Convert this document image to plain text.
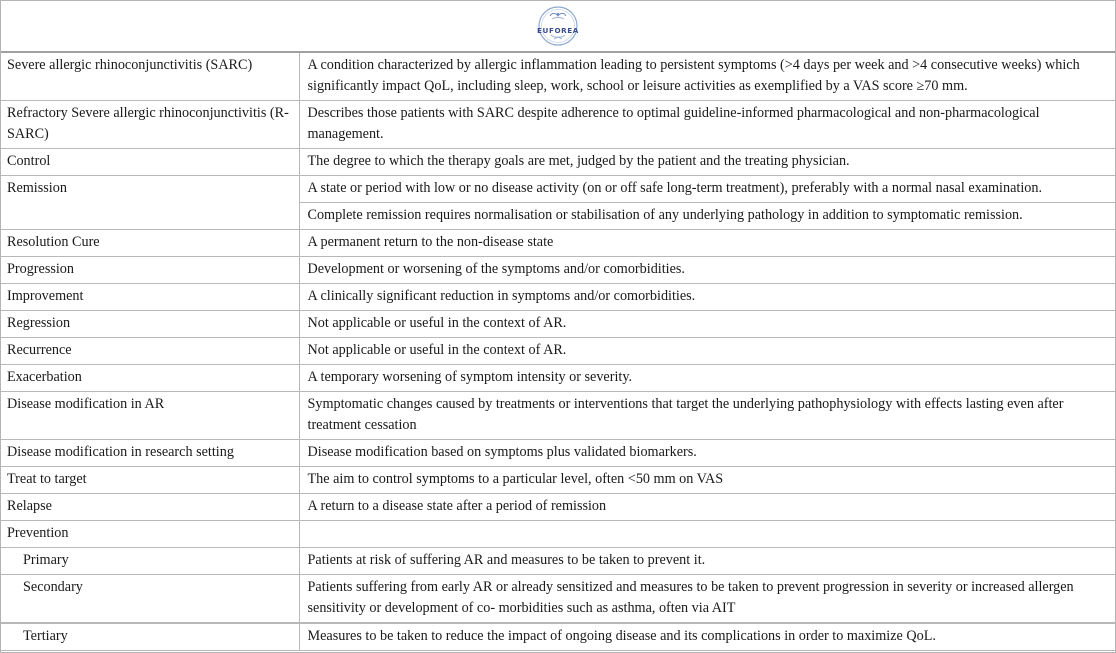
EUFOREA
Severe allergic rhinoconjunctivitis (SARC)	A condition characterized by allergic inflammation leading to persistent symptoms (>4 days per week and >4 consecutive weeks) which significantly impact QoL, including sleep, work, school or leisure activities as exemplified by a VAS score ≥70 mm.
Refractory Severe allergic rhinoconjunctivitis (R-SARC)	Describes those patients with SARC despite adherence to optimal guideline-informed pharmacological and non-pharmacological management.
Control	The degree to which the therapy goals are met, judged by the patient and the treating physician.
Remission	A state or period with low or no disease activity (on or off safe long-term treatment), preferably with a normal nasal examination.
	Complete remission requires normalisation or stabilisation of any underlying pathology in addition to symptomatic remission.
Resolution Cure	A permanent return to the non-disease state
Progression	Development or worsening of the symptoms and/or comorbidities.
Improvement	A clinically significant reduction in symptoms and/or comorbidities.
Regression	Not applicable or useful in the context of AR.
Recurrence	Not applicable or useful in the context of AR.
Exacerbation	A temporary worsening of symptom intensity or severity.
Disease modification in AR	Symptomatic changes caused by treatments or interventions that target the underlying pathophysiology with effects lasting even after treatment cessation
Disease modification in research setting	Disease modification based on symptoms plus validated biomarkers.
Treat to target	The aim to control symptoms to a particular level, often <50 mm on VAS
Relapse	A return to a disease state after a period of remission
Prevention	
Primary	Patients at risk of suffering AR and measures to be taken to prevent it.
Secondary	Patients suffering from early AR or already sensitized and measures to be taken to prevent progression in severity or increased allergen sensitivity or development of co- morbidities such as asthma, often via AIT
Tertiary	Measures to be taken to reduce the impact of ongoing disease and its complications in order to maximize QoL.
